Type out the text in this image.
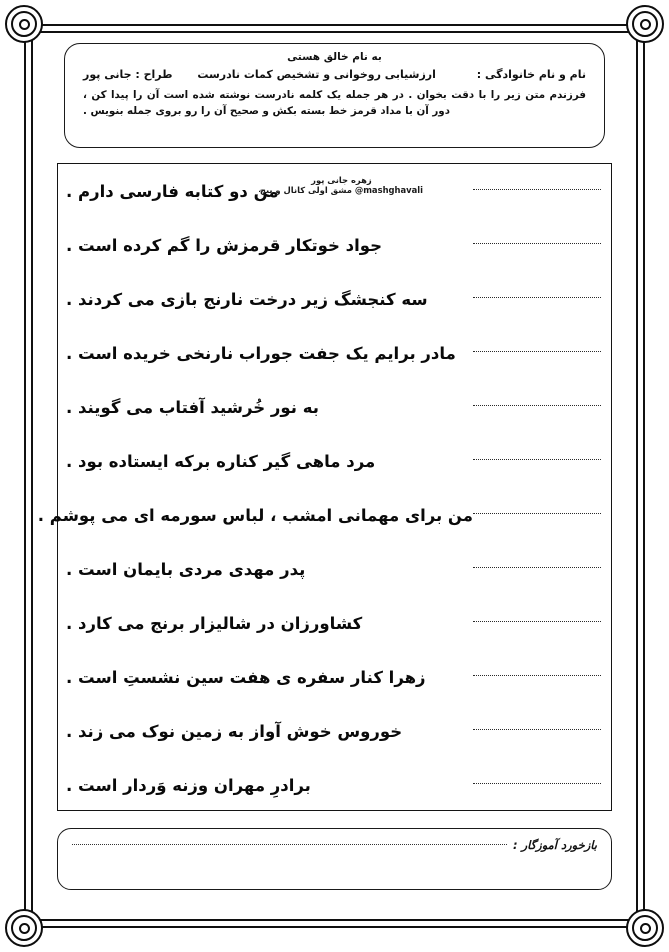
به نام خالق هستی
نام و نام خانوادگی :
ارزشیابی روخوانی و تشخیص کمات نادرست
طراح : جانی پور
فرزندم متن زیر را با دقت بخوان . در هر جمله یک کلمه نادرست نوشته شده است آن را پیدا کن ، دور آن با مداد قرمز خط بسته بکش و صحیح آن را رو بروی جمله بنویس .
زهره جانی پور
@mashghavali مشق اولی کانال و پیج
من دو کتابه فارسی دارم .
جواد خوتکار قرمزش را گم کرده است .
سه کنجشگ زیر درخت نارنج بازی می کردند .
مادر برایم یک جفت جوراب نارنخی خریده است .
به نور خُرشید آفتاب می گویند .
مرد ماهی گیر کناره برکه ایستاده بود .
من برای مهمانی امشب ، لباس سورمه ای می پوشم .
پدر مهدی مردی بایمان است .
کشاورزان در شالیزار برنج می کارد .
زهرا کنار سفره ی هفت سین نشستِ است .
خوروس خوش آواز به زمین نوک می زند .
برادرِ مهران وزنه وَردار است .
بازخورد آموزگار :
